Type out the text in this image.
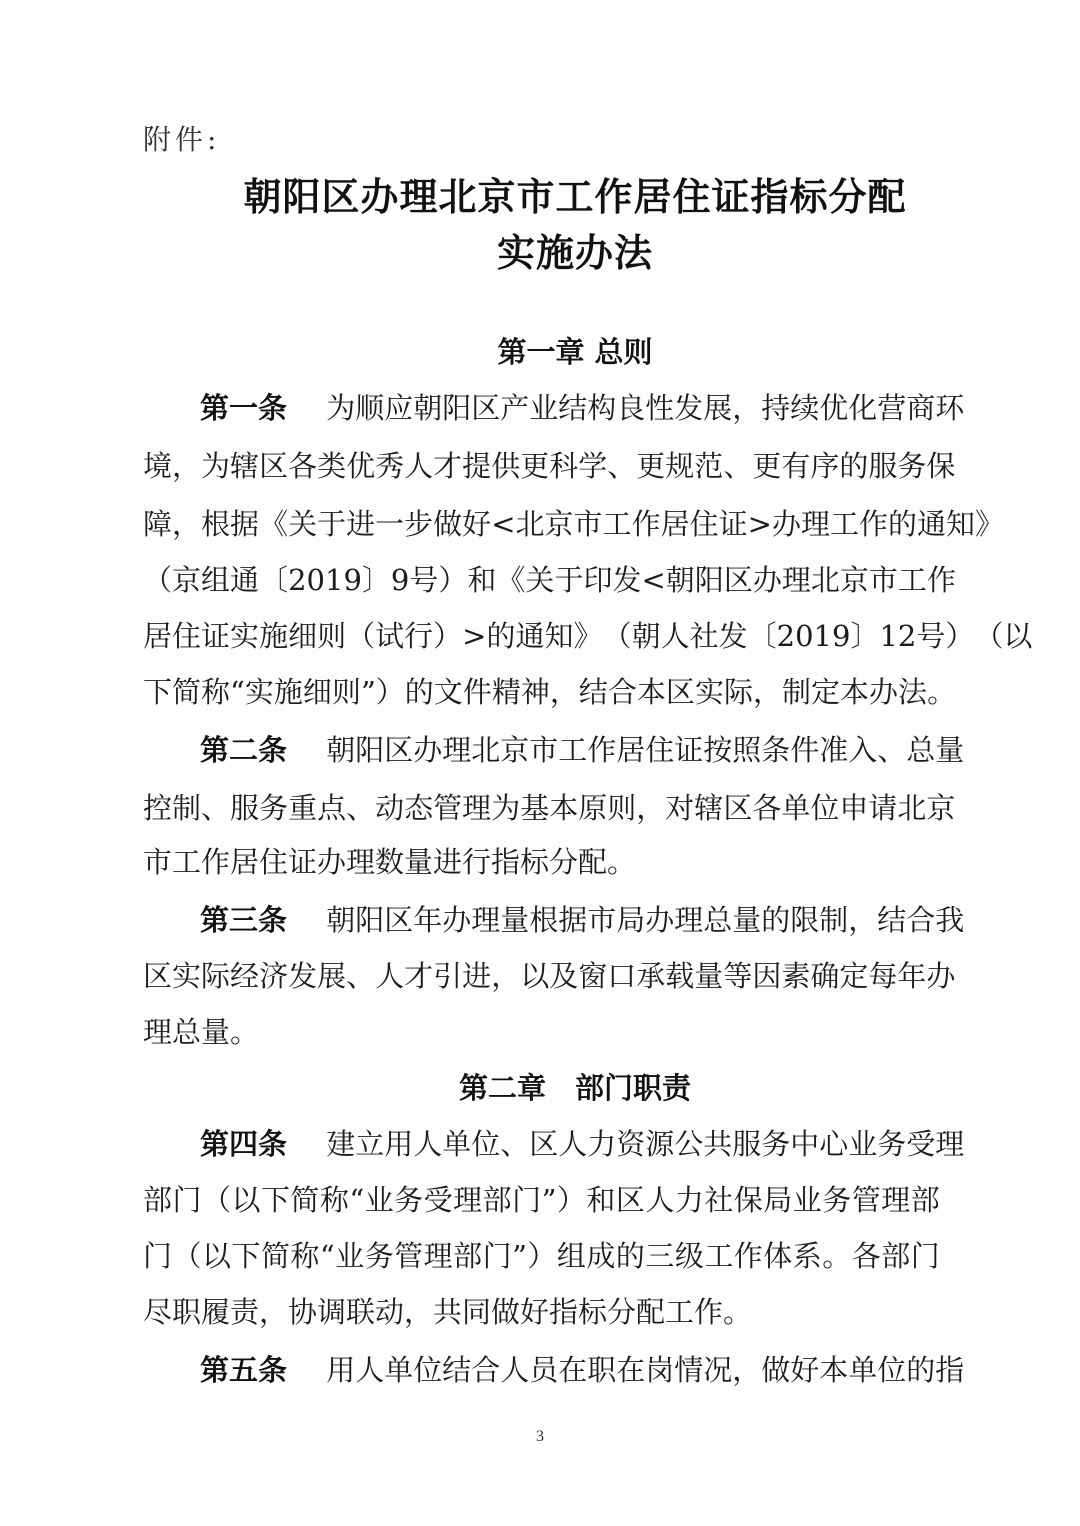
附件:
朝阳区办理北京市工作居住证指标分配
实施办法
第一章 总则
第一条 为顺应朝阳区产业结构良性发展，持续优化营商环
境 ， 为 辖 区 各 类 优 秀 人 才 提 供 更 科 学 、 更 规 范 、 更 有 序 的 服 务 保
障 ， 根 据 《 关 于 进 一 步 做 好 < 北 京 市 工 作 居 住 证 > 办 理 工 作 的 通 知 》
（ 京 组 通 〔 2 0 1 9 〕 9 号 ） 和 《 关 于 印 发 < 朝 阳 区 办 理 北 京 市 工 作
居 住 证 实 施 细 则 （ 试 行 ） > 的 通 知 》 （ 朝 人 社 发 〔 2 0 1 9 〕 1 2 号 ） （ 以
下 简 称 “ 实 施 细 则 ” ） 的 文 件 精 神 ， 结 合 本 区 实 际 ， 制 定 本 办 法 。
第二条 朝阳区办理北京市工作居住证按照条件准入、总量
控 制 、 服 务 重 点 、 动 态 管 理 为 基 本 原 则 ， 对 辖 区 各 单 位 申 请 北 京
市工作居住证办理数量进行指标分配。
第三条 朝阳区年办理量根据市局办理总量的限制，结合我
区 实 际 经 济 发 展 、 人 才 引 进 ， 以 及 窗 口 承 载 量 等 因 素 确 定 每 年 办
理总量。
第二章　部门职责
第四条 建立用人单位、区人力资源公共服务中心业务受理
部 门 （ 以 下 简 称 “ 业 务 受 理 部 门 ” ） 和 区 人 力 社 保 局 业 务 管 理 部
门 （ 以 下 简 称 “ 业 务 管 理 部 门 ” ） 组 成 的 三 级 工 作 体 系 。 各 部 门
尽职履责，协调联动，共同做好指标分配工作。
第五条 用人单位结合人员在职在岗情况，做好本单位的指
3
